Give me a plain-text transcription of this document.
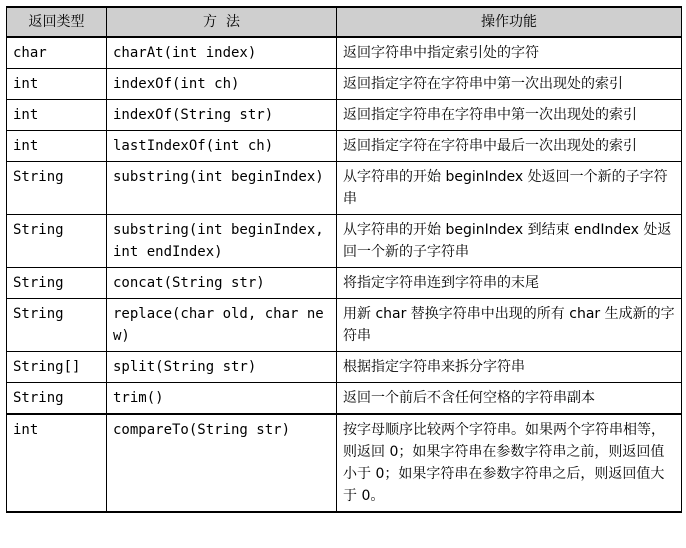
返回类型	方  法	操作功能
char	charAt(int index)	返回字符串中指定索引处的字符
int	indexOf(int ch)	返回指定字符在字符串中第一次出现处的索引
int	indexOf(String str)	返回指定字符串在字符串中第一次出现处的索引
int	lastIndexOf(int ch)	返回指定字符在字符串中最后一次出现处的索引
String	substring(int beginIndex)	从字符串的开始 beginIndex 处返回一个新的子字符串
String	substring(int beginIndex,int endIndex)	从字符串的开始 beginIndex 到结束 endIndex 处返回一个新的子字符串
String	concat(String str)	将指定字符串连到字符串的末尾
String	replace(char old, char new)	用新 char 替换字符串中出现的所有 char 生成新的字符串
String[]	split(String str)	根据指定字符串来拆分字符串
String	trim()	返回一个前后不含任何空格的字符串副本
int	compareTo(String str)	按字母顺序比较两个字符串。如果两个字符串相等，则返回 0；如果字符串在参数字符串之前，则返回值小于 0；如果字符串在参数字符串之后，则返回值大于 0。
